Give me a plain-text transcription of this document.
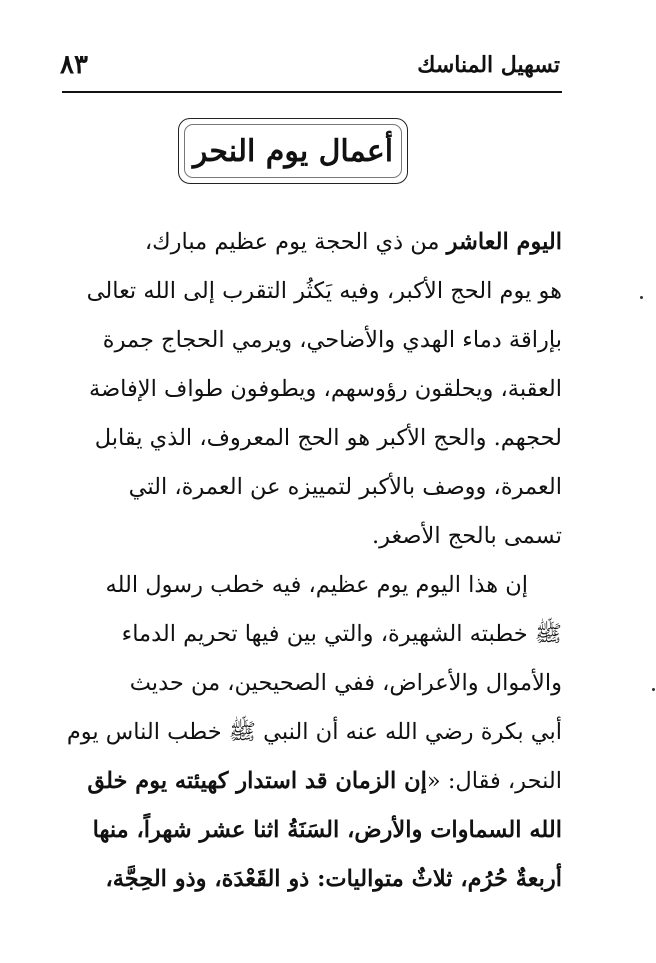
تسهيل المناسك
٨٣
أعمال يوم النحر
اليوم العاشر من ذي الحجة يوم عظيم مبارك،
هو يوم الحج الأكبر، وفيه يَكثُر التقرب إلى الله تعالى
بإراقة دماء الهدي والأضاحي، ويرمي الحجاج جمرة
العقبة، ويحلقون رؤوسهم، ويطوفون طواف الإفاضة
لحجهم. والحج الأكبر هو الحج المعروف، الذي يقابل
العمرة، ووصف بالأكبر لتمييزه عن العمرة، التي
تسمى بالحج الأصغر.
إن هذا اليوم يوم عظيم، فيه خطب رسول الله
ﷺ خطبته الشهيرة، والتي بين فيها تحريم الدماء
والأموال والأعراض، ففي الصحيحين، من حديث
أبي بكرة رضي الله عنه أن النبي ﷺ خطب الناس يوم
النحر، فقال: «إن الزمان قد استدار كهيئته يوم خلق
الله السماوات والأرض، السَنَةُ اثنا عشر شهراً، منها
أربعةٌ حُرُم، ثلاثٌ متواليات: ذو القَعْدَة، وذو الحِجَّة،
